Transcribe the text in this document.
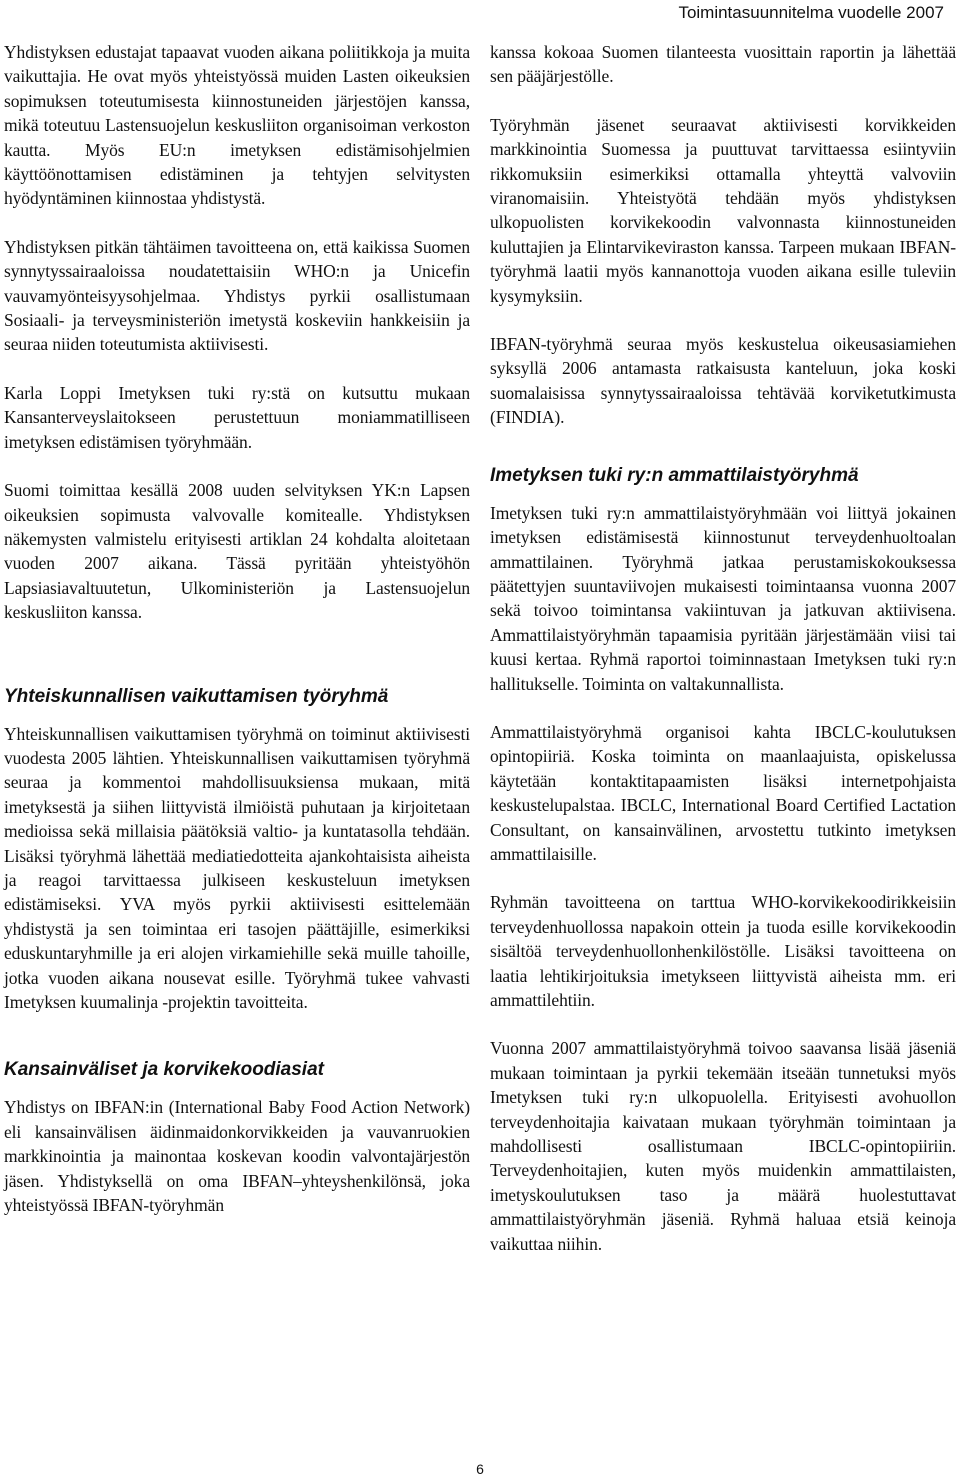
Toimintasuunnitelma vuodelle 2007

Yhdistyksen edustajat tapaavat vuoden aikana poliitikkoja ja muita vaikuttajia. He ovat myös yhteistyössä muiden Lasten oikeuksien sopimuksen toteutumisesta kiinnostuneiden järjestöjen kanssa, mikä toteutuu Lastensuojelun keskusliiton organisoiman verkoston kautta. Myös EU:n imetyksen edistämisohjelmien käyttöönottamisen edistäminen ja tehtyjen selvitysten hyödyntäminen kiinnostaa yhdistystä.

Yhdistyksen pitkän tähtäimen tavoitteena on, että kaikissa Suomen synnytyssairaaloissa noudatettaisiin WHO:n ja Unicefin vauvamyönteisyysohjelmaa. Yhdistys pyrkii osallistumaan Sosiaali- ja terveysministeriön imetystä koskeviin hankkeisiin ja seuraa niiden toteutumista aktiivisesti.

Karla Loppi Imetyksen tuki ry:stä on kutsuttu mukaan Kansanterveyslaitokseen perustettuun moniammatilliseen imetyksen edistämisen työryhmään.

Suomi toimittaa kesällä 2008 uuden selvityksen YK:n Lapsen oikeuksien sopimusta valvovalle komitealle. Yhdistyksen näkemysten valmistelu erityisesti artiklan 24 kohdalta aloitetaan vuoden 2007 aikana. Tässä pyritään yhteistyöhön Lapsiasiavaltuutetun, Ulkoministeriön ja Lastensuojelun keskusliiton kanssa.

Yhteiskunnallisen vaikuttamisen työryhmä

Yhteiskunnallisen vaikuttamisen työryhmä on toiminut aktiivisesti vuodesta 2005 lähtien. Yhteiskunnallisen vaikuttamisen työryhmä seuraa ja kommentoi mahdollisuuksiensa mukaan, mitä imetyksestä ja siihen liittyvistä ilmiöistä puhutaan ja kirjoitetaan medioissa sekä millaisia päätöksiä valtio- ja kuntatasolla tehdään. Lisäksi työryhmä lähettää mediatiedotteita ajankohtaisista aiheista ja reagoi tarvittaessa julkiseen keskusteluun imetyksen edistämiseksi. YVA myös pyrkii aktiivisesti esittelemään yhdistystä ja sen toimintaa eri tasojen päättäjille, esimerkiksi eduskuntaryhmille ja eri alojen virkamiehille sekä muille tahoille, jotka vuoden aikana nousevat esille. Työryhmä tukee vahvasti Imetyksen kuumalinja -projektin tavoitteita.

Kansainväliset ja korvikekoodiasiat

Yhdistys on IBFAN:in (International Baby Food Action Network) eli kansainvälisen äidinmaidonkorvikkeiden ja vauvanruokien markkinointia ja mainontaa koskevan koodin valvontajärjestön jäsen. Yhdistyksellä on oma IBFAN–yhteyshenkilönsä, joka yhteistyössä IBFAN-työryhmän

kanssa kokoaa Suomen tilanteesta vuosittain raportin ja lähettää sen pääjärjestölle.

Työryhmän jäsenet seuraavat aktiivisesti korvikkeiden markkinointia Suomessa ja puuttuvat tarvittaessa esiintyviin rikkomuksiin esimerkiksi ottamalla yhteyttä valvoviin viranomaisiin. Yhteistyötä tehdään myös yhdistyksen ulkopuolisten korvikekoodin valvonnasta kiinnostuneiden kuluttajien ja Elintarvikeviraston kanssa. Tarpeen mukaan IBFAN-työryhmä laatii myös kannanottoja vuoden aikana esille tuleviin kysymyksiin.

IBFAN-työryhmä seuraa myös keskustelua oikeusasiamiehen syksyllä 2006 antamasta ratkaisusta kanteluun, joka koski suomalaisissa synnytyssairaaloissa tehtävää korviketutkimusta (FINDIA).

Imetyksen tuki ry:n ammattilaistyöryhmä

Imetyksen tuki ry:n ammattilaistyöryhmään voi liittyä jokainen imetyksen edistämisestä kiinnostunut terveydenhuoltoalan ammattilainen. Työryhmä jatkaa perustamiskokouksessa päätettyjen suuntaviivojen mukaisesti toimintaansa vuonna 2007 sekä toivoo toimintansa vakiintuvan ja jatkuvan aktiivisena. Ammattilaistyöryhmän tapaamisia pyritään järjestämään viisi tai kuusi kertaa. Ryhmä raportoi toiminnastaan Imetyksen tuki ry:n hallitukselle. Toiminta on valtakunnallista.

Ammattilaistyöryhmä organisoi kahta IBCLC-koulutuksen opintopiiriä. Koska toiminta on maanlaajuista, opiskelussa käytetään kontaktitapaamisten lisäksi internetpohjaista keskustelupalstaa. IBCLC, International Board Certified Lactation Consultant, on kansainvälinen, arvostettu tutkinto imetyksen ammattilaisille.

Ryhmän tavoitteena on tarttua WHO-korvikekoodirikkeisiin terveydenhuollossa napakoin ottein ja tuoda esille korvikekoodin sisältöä terveydenhuollonhenkilöstölle. Lisäksi tavoitteena on laatia lehtikirjoituksia imetykseen liittyvistä aiheista mm. eri ammattilehtiin.

Vuonna 2007 ammattilaistyöryhmä toivoo saavansa lisää jäseniä mukaan toimintaan ja pyrkii tekemään itseään tunnetuksi myös Imetyksen tuki ry:n ulkopuolella. Erityisesti avohuollon terveydenhoitajia kaivataan mukaan työryhmän toimintaan ja mahdollisesti osallistumaan IBCLC-opintopiiriin. Terveydenhoitajien, kuten myös muidenkin ammattilaisten, imetyskoulutuksen taso ja määrä huolestuttavat ammattilaistyöryhmän jäseniä. Ryhmä haluaa etsiä keinoja vaikuttaa niihin.

6
